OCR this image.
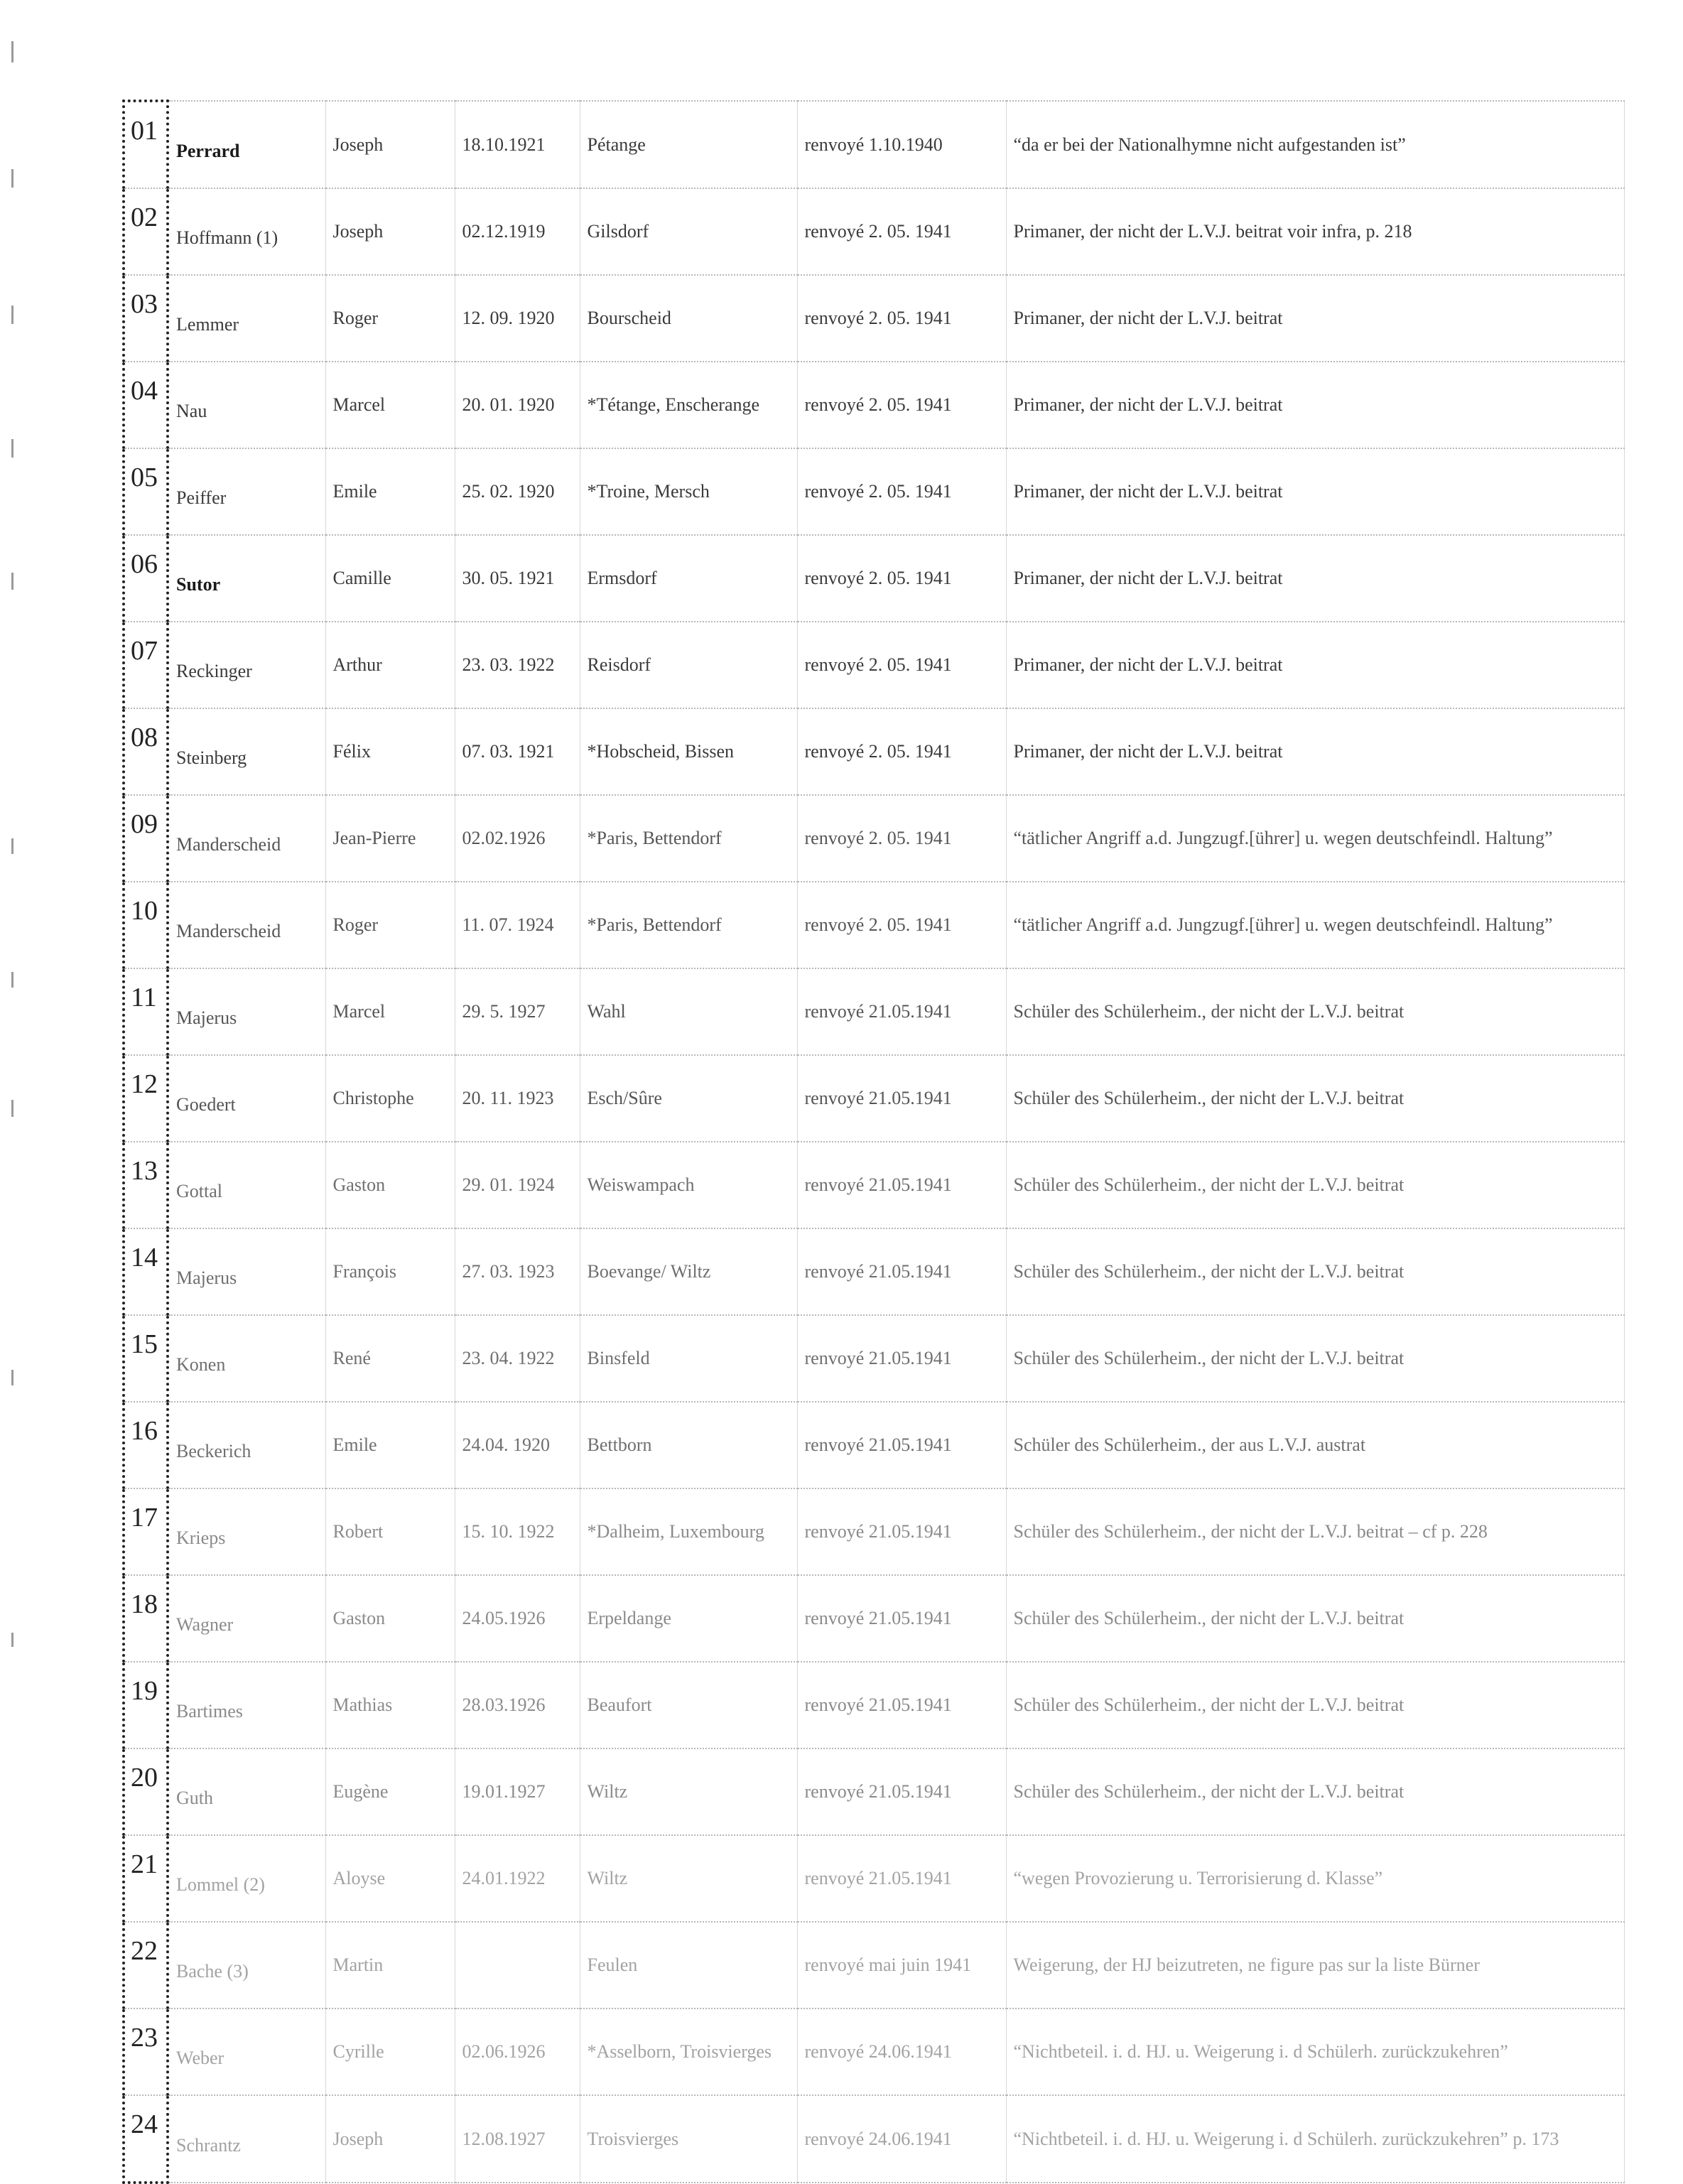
01	Perrard	Joseph	18.10.1921	Pétange	renvoyé 1.10.1940	“da er bei der Nationalhymne nicht aufgestanden ist”
02	Hoffmann (1)	Joseph	02.12.1919	Gilsdorf	renvoyé 2. 05. 1941	Primaner, der nicht der L.V.J. beitrat voir infra, p. 218
03	Lemmer	Roger	12. 09. 1920	Bourscheid	renvoyé 2. 05. 1941	Primaner, der nicht der L.V.J. beitrat
04	Nau	Marcel	20. 01. 1920	*Tétange, Enscherange	renvoyé 2. 05. 1941	Primaner, der nicht der L.V.J. beitrat
05	Peiffer	Emile	25. 02. 1920	*Troine, Mersch	renvoyé 2. 05. 1941	Primaner, der nicht der L.V.J. beitrat
06	Sutor	Camille	30. 05. 1921	Ermsdorf	renvoyé 2. 05. 1941	Primaner, der nicht der L.V.J. beitrat
07	Reckinger	Arthur	23. 03. 1922	Reisdorf	renvoyé 2. 05. 1941	Primaner, der nicht der L.V.J. beitrat
08	Steinberg	Félix	07. 03. 1921	*Hobscheid, Bissen	renvoyé 2. 05. 1941	Primaner, der nicht der L.V.J. beitrat
09	Manderscheid	Jean-Pierre	02.02.1926	*Paris, Bettendorf	renvoyé 2. 05. 1941	“tätlicher Angriff a.d. Jungzugf.[ührer] u. wegen deutschfeindl. Haltung”
10	Manderscheid	Roger	11. 07. 1924	*Paris, Bettendorf	renvoyé 2. 05. 1941	“tätlicher Angriff a.d. Jungzugf.[ührer] u. wegen deutschfeindl. Haltung”
11	Majerus	Marcel	29. 5. 1927	Wahl	renvoyé 21.05.1941	Schüler des Schülerheim., der nicht der L.V.J. beitrat
12	Goedert	Christophe	20. 11. 1923	Esch/Sûre	renvoyé 21.05.1941	Schüler des Schülerheim., der nicht der L.V.J. beitrat
13	Gottal	Gaston	29. 01. 1924	Weiswampach	renvoyé 21.05.1941	Schüler des Schülerheim., der nicht der L.V.J. beitrat
14	Majerus	François	27. 03. 1923	Boevange/ Wiltz	renvoyé 21.05.1941	Schüler des Schülerheim., der nicht der L.V.J. beitrat
15	Konen	René	23. 04. 1922	Binsfeld	renvoyé 21.05.1941	Schüler des Schülerheim., der nicht der L.V.J. beitrat
16	Beckerich	Emile	24.04. 1920	Bettborn	renvoyé 21.05.1941	Schüler des Schülerheim., der aus L.V.J. austrat
17	Krieps	Robert	15. 10. 1922	*Dalheim, Luxembourg	renvoyé 21.05.1941	Schüler des Schülerheim., der nicht der L.V.J. beitrat – cf p. 228
18	Wagner	Gaston	24.05.1926	Erpeldange	renvoyé 21.05.1941	Schüler des Schülerheim., der nicht der L.V.J. beitrat
19	Bartimes	Mathias	28.03.1926	Beaufort	renvoyé 21.05.1941	Schüler des Schülerheim., der nicht der L.V.J. beitrat
20	Guth	Eugène	19.01.1927	Wiltz	renvoyé 21.05.1941	Schüler des Schülerheim., der nicht der L.V.J. beitrat
21	Lommel (2)	Aloyse	24.01.1922	Wiltz	renvoyé 21.05.1941	“wegen Provozierung u. Terrorisierung d. Klasse”
22	Bache (3)	Martin		Feulen	renvoyé mai juin 1941	Weigerung, der HJ beizutreten, ne figure pas sur la liste Bürner
23	Weber	Cyrille	02.06.1926	*Asselborn, Troisvierges	renvoyé 24.06.1941	“Nichtbeteil. i. d. HJ. u. Weigerung i. d Schülerh. zurückzukehren”
24	Schrantz	Joseph	12.08.1927	Troisvierges	renvoyé 24.06.1941	“Nichtbeteil. i. d. HJ. u. Weigerung i. d Schülerh. zurückzukehren” p. 173
